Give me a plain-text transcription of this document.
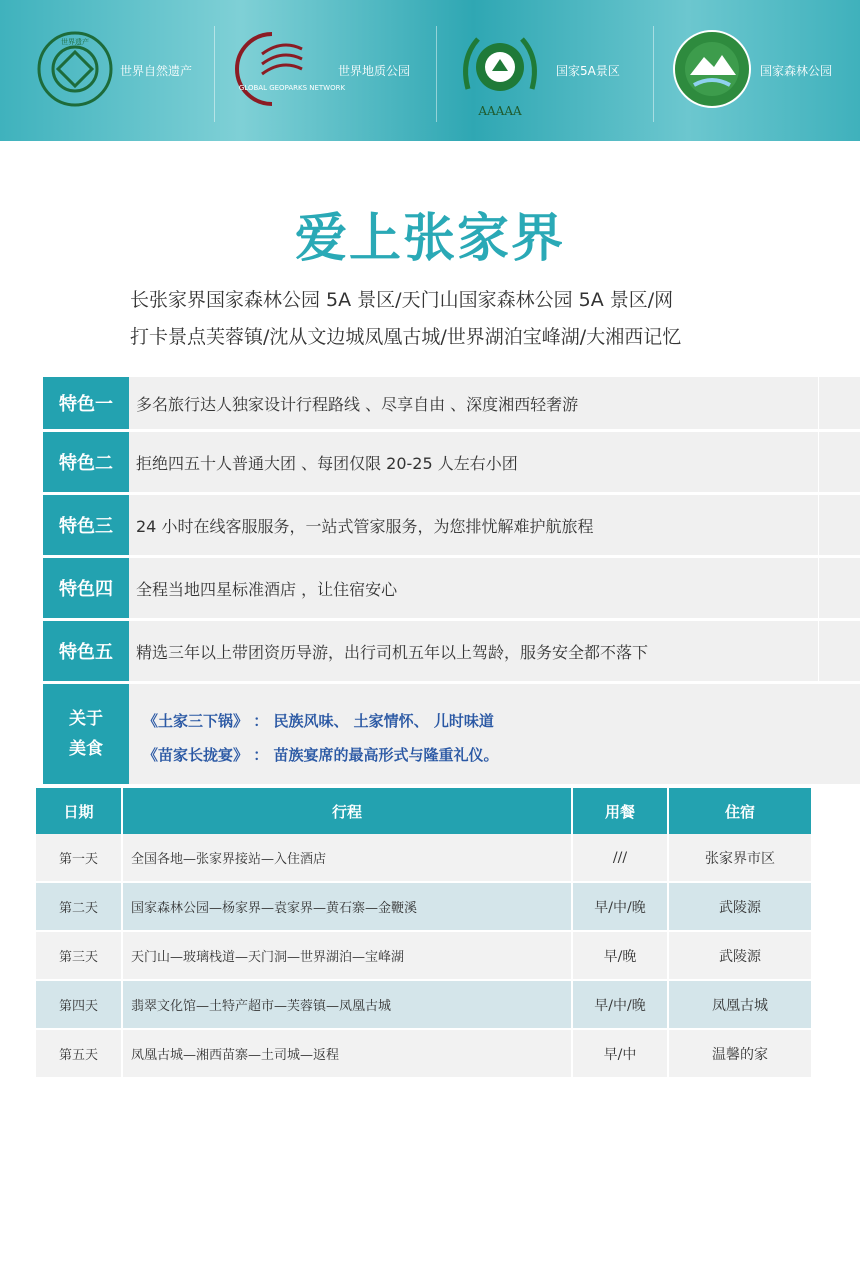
世界遗产
世界自然遗产
GLOBAL GEOPARKS NETWORK
世界地质公园
AAAAA
国家5A景区	国家森林公园
爱上张家界
长张家界国家森林公园 5A 景区/天门山国家森林公园 5A 景区/网
打卡景点芙蓉镇/沈从文边城凤凰古城/世界湖泊宝峰湖/大湘西记忆
特色一	多名旅行达人独家设计行程路线 、尽享自由 、深度湘西轻奢游
特色二	拒绝四五十人普通大团 、每团仅限 20-25 人左右小团
特色三	24 小时在线客服服务，一站式管家服务，为您排忧解难护航旅程
特色四	全程当地四星标准酒店 ，让住宿安心
特色五	精选三年以上带团资历导游，出行司机五年以上驾龄，服务安全都不落下
关于
美食
《土家三下锅》 ： 民族风味、 土家情怀、 儿时味道
《苗家长拢宴》 ： 苗族宴席的最高形式与隆重礼仪。
日期	行程	用餐	住宿
第一天	全国各地—张家界接站—入住酒店	///	张家界市区
第二天	国家森林公园—杨家界—袁家界—黄石寨—金鞭溪	早/中/晚	武陵源
第三天	天门山—玻璃栈道—天门洞—世界湖泊—宝峰湖	早/晚	武陵源
第四天	翡翠文化馆—土特产超市—芙蓉镇—凤凰古城	早/中/晚	凤凰古城
第五天	凤凰古城—湘西苗寨—土司城—返程	早/中	温馨的家
